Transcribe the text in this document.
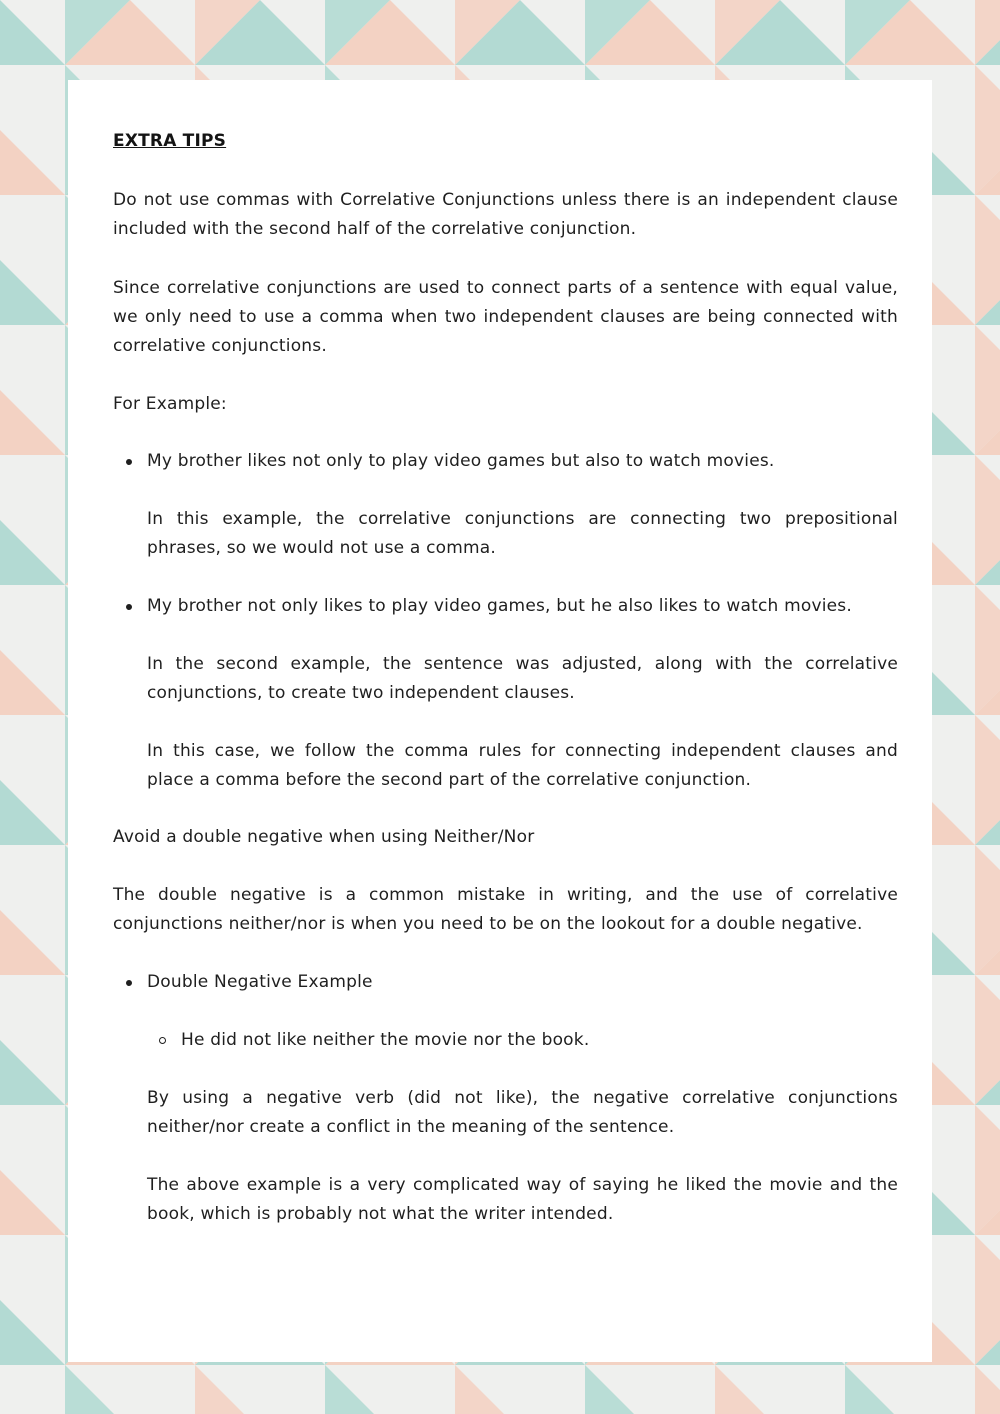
EXTRA TIPS

Do not use commas with Correlative Conjunctions unless there is an independent clause included with the second half of the correlative conjunction.

Since correlative conjunctions are used to connect parts of a sentence with equal value, we only need to use a comma when two independent clauses are being connected with correlative conjunctions.

For Example:

My brother likes not only to play video games but also to watch movies.

In this example, the correlative conjunctions are connecting two prepositional phrases, so we would not use a comma.

My brother not only likes to play video games, but he also likes to watch movies.

In the second example, the sentence was adjusted, along with the correlative conjunctions, to create two independent clauses.

In this case, we follow the comma rules for connecting independent clauses and place a comma before the second part of the correlative conjunction.

Avoid a double negative when using Neither/Nor

The double negative is a common mistake in writing, and the use of correlative conjunctions neither/nor is when you need to be on the lookout for a double negative.

Double Negative Example

He did not like neither the movie nor the book.

By using a negative verb (did not like), the negative correlative conjunctions neither/nor create a conflict in the meaning of the sentence.

The above example is a very complicated way of saying he liked the movie and the book, which is probably not what the writer intended.
